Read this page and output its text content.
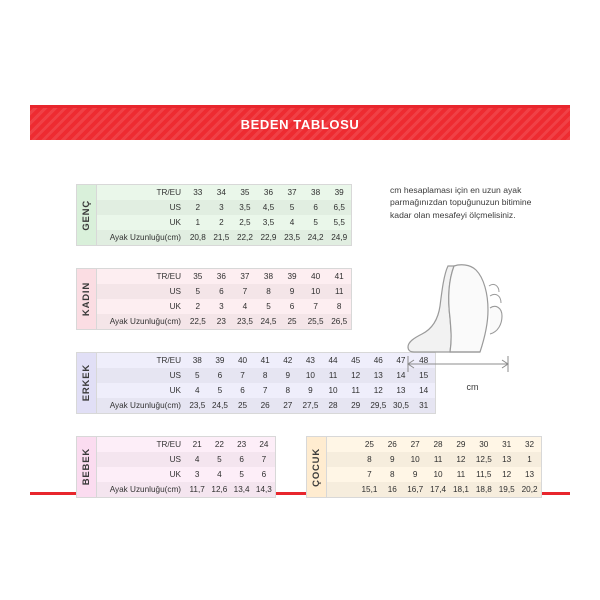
BEDEN TABLOSU
GENÇ
TR/EU	33	34	35	36	37	38	39
US	2	3	3,5	4,5	5	6	6,5
UK	1	2	2,5	3,5	4	5	5,5
Ayak Uzunluğu(cm)	20,8	21,5	22,2	22,9	23,5	24,2	24,9
KADIN
TR/EU	35	36	37	38	39	40	41
US	5	6	7	8	9	10	11
UK	2	3	4	5	6	7	8
Ayak Uzunluğu(cm)	22,5	23	23,5	24,5	25	25,5	26,5
ERKEK
TR/EU	38	39	40	41	42	43	44	45	46	47	48
US	5	6	7	8	9	10	11	12	13	14	15
UK	4	5	6	7	8	9	10	11	12	13	14
Ayak Uzunluğu(cm)	23,5	24,5	25	26	27	27,5	28	29	29,5	30,5	31
BEBEK
TR/EU	21	22	23	24
US	4	5	6	7
UK	3	4	5	6
Ayak Uzunluğu(cm)	11,7	12,6	13,4	14,3
ÇOCUK
	25	26	27	28	29	30	31	32
	8	9	10	11	12	12,5	13	1
	7	8	9	10	11	11,5	12	13
	15,1	16	16,7	17,4	18,1	18,8	19,5	20,2
cm hesaplaması için en uzun ayak parmağınızdan topuğunuzun bitimine kadar olan mesafeyi ölçmelisiniz.
cm
